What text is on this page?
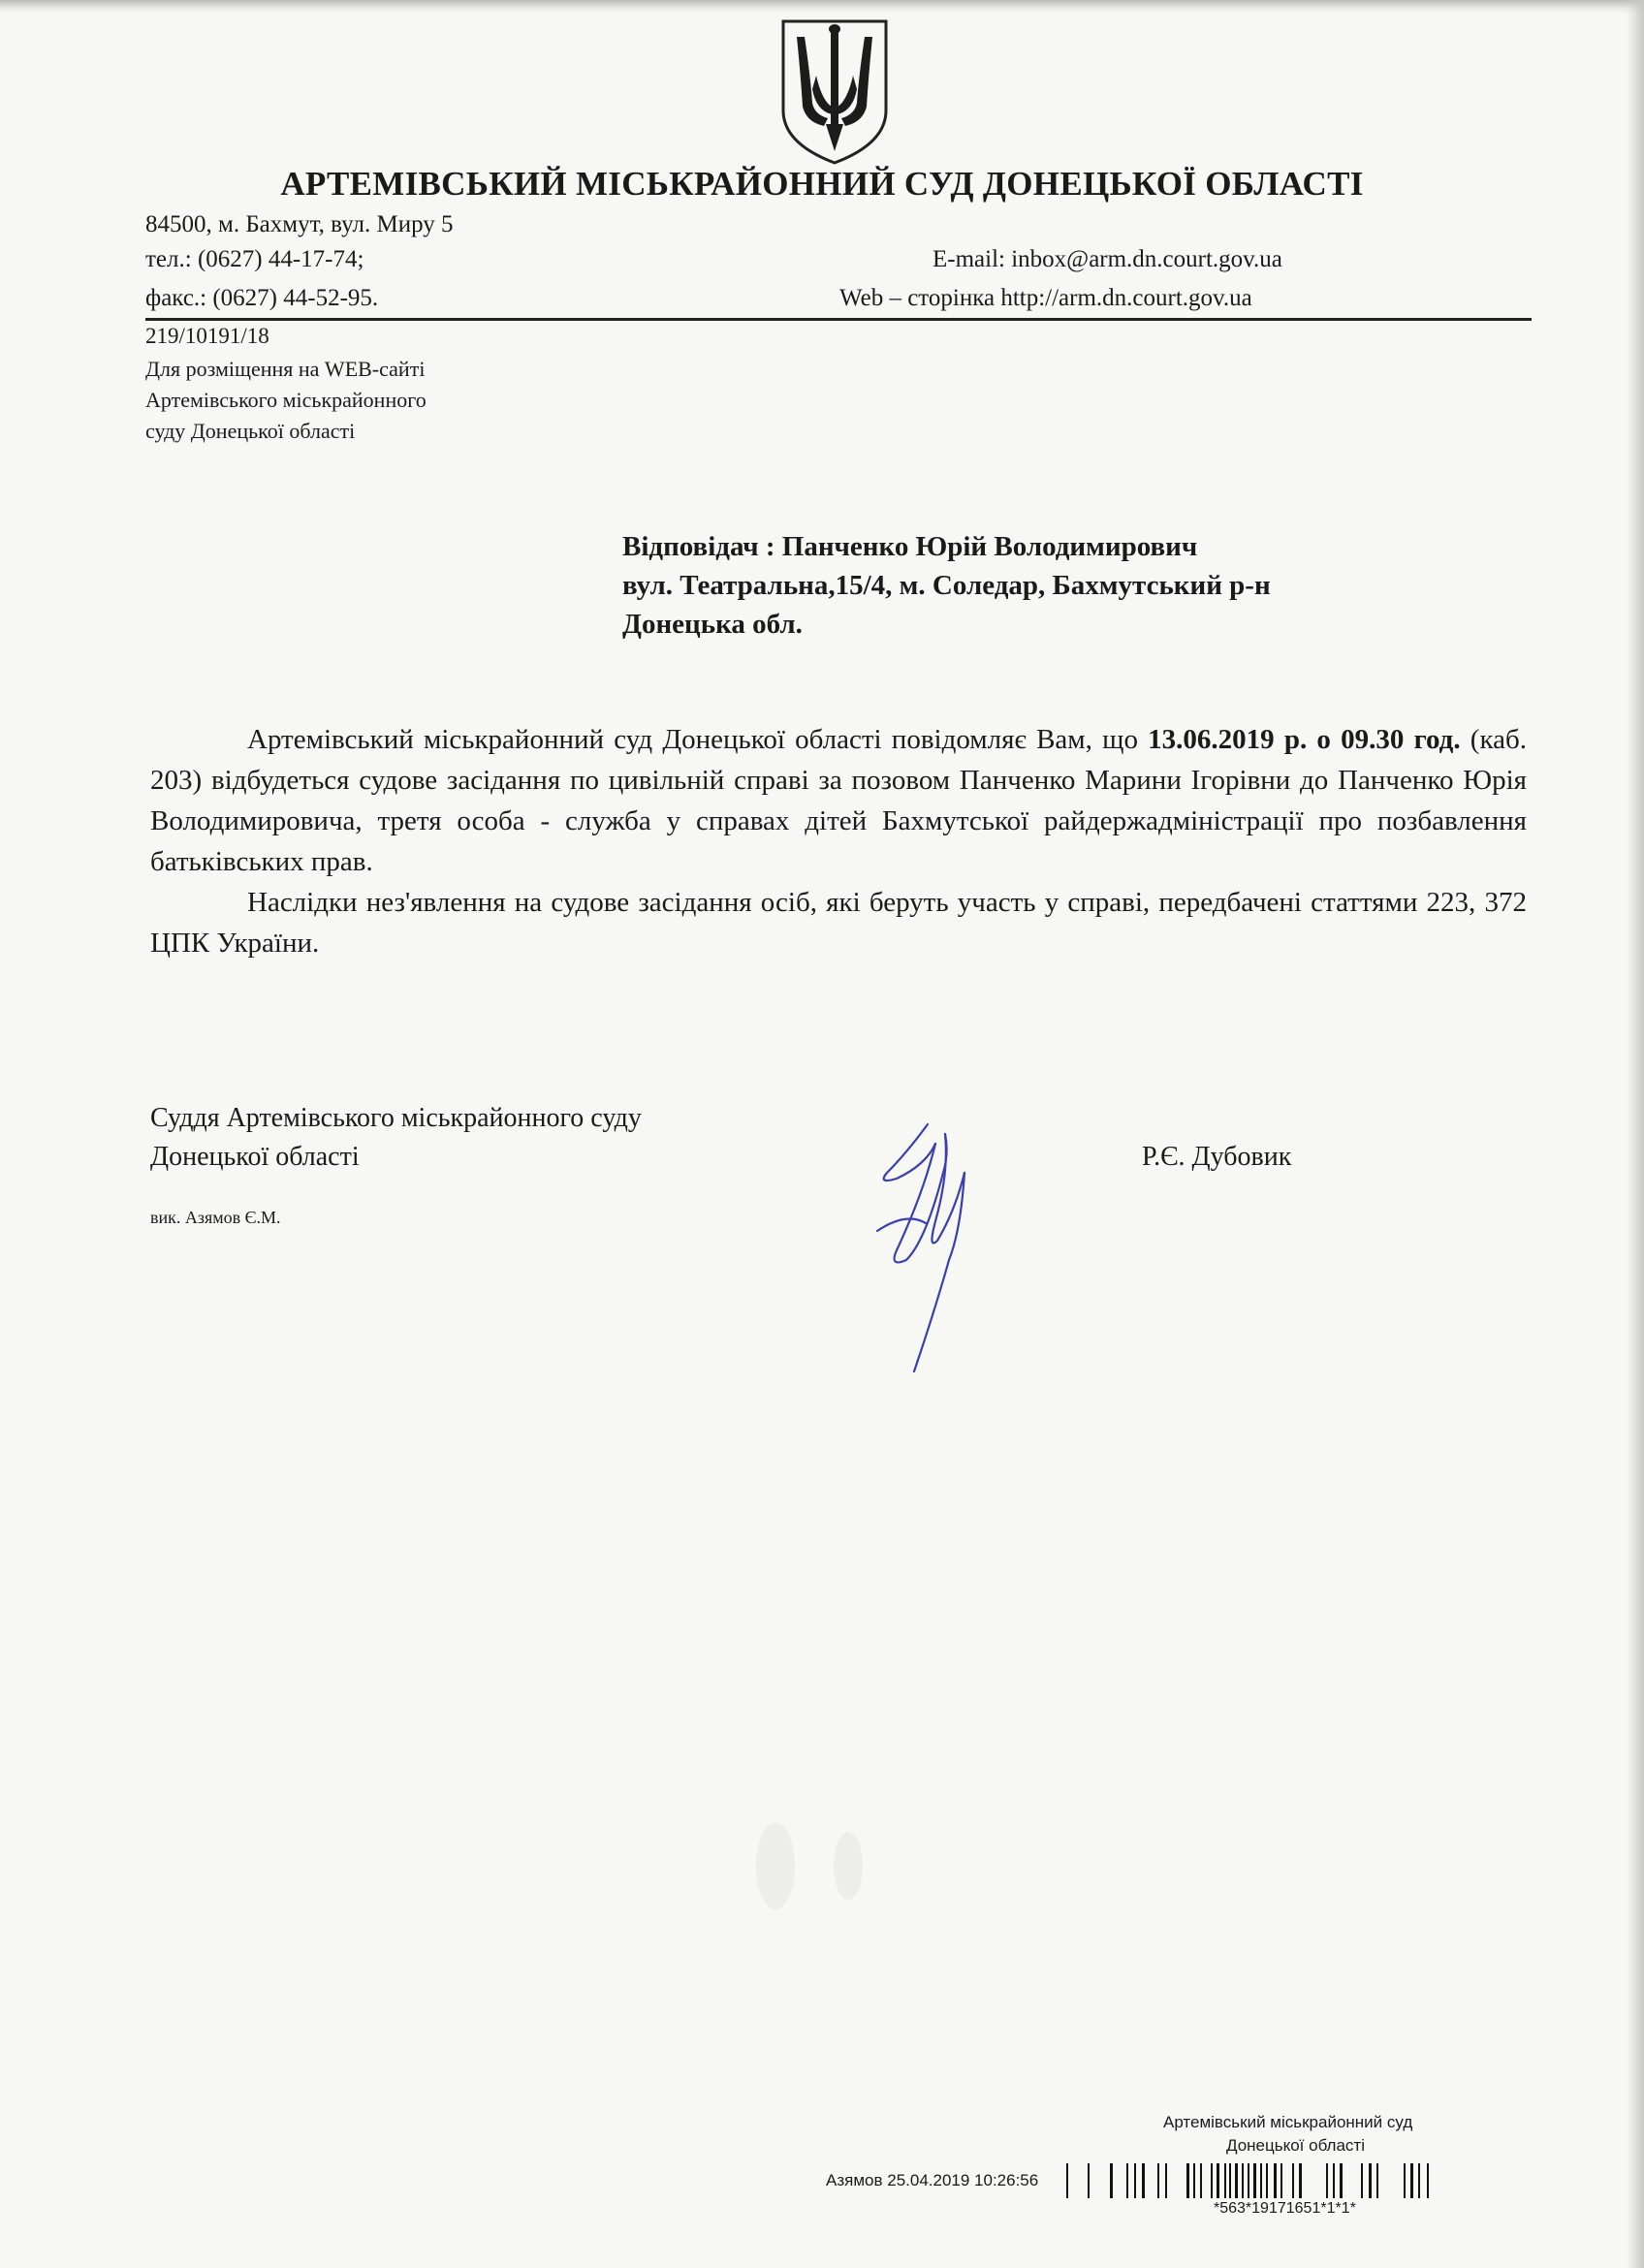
АРТЕМІВСЬКИЙ МІСЬКРАЙОННИЙ СУД ДОНЕЦЬКОЇ ОБЛАСТІ
84500, м. Бахмут, вул. Миру 5
тел.: (0627) 44-17-74;
факс.: (0627) 44-52-95.
E-mail: inbox@arm.dn.court.gov.ua
Web – сторінка http://arm.dn.court.gov.ua
219/10191/18
Для розміщення на WEB-сайті
Артемівського міськрайонного
суду Донецької області
Відповідач : Панченко Юрій Володимирович
вул. Театральна,15/4, м. Соледар, Бахмутський р-н
Донецька обл.

Артемівський міськрайонний суд Донецької області повідомляє Вам, що 13.06.2019 р. о 09.30 год. (каб. 203) відбудеться судове засідання по цивільній справі за позовом Панченко Марини Ігорівни до Панченко Юрія Володимировича, третя особа - служба у справах дітей Бахмутської райдержадміністрації про позбавлення батьківських прав.

Наслідки нез'явлення на судове засідання осіб, які беруть участь у справі, передбачені статтями 223, 372 ЦПК України.

Суддя Артемівського міськрайонного суду
Донецької області	Р.Є. Дубовик
вик. Азямов Є.М.
Артемівський міськрайонний суд
Донецької області
Азямов 25.04.2019 10:26:56
*563*19171651*1*1*
